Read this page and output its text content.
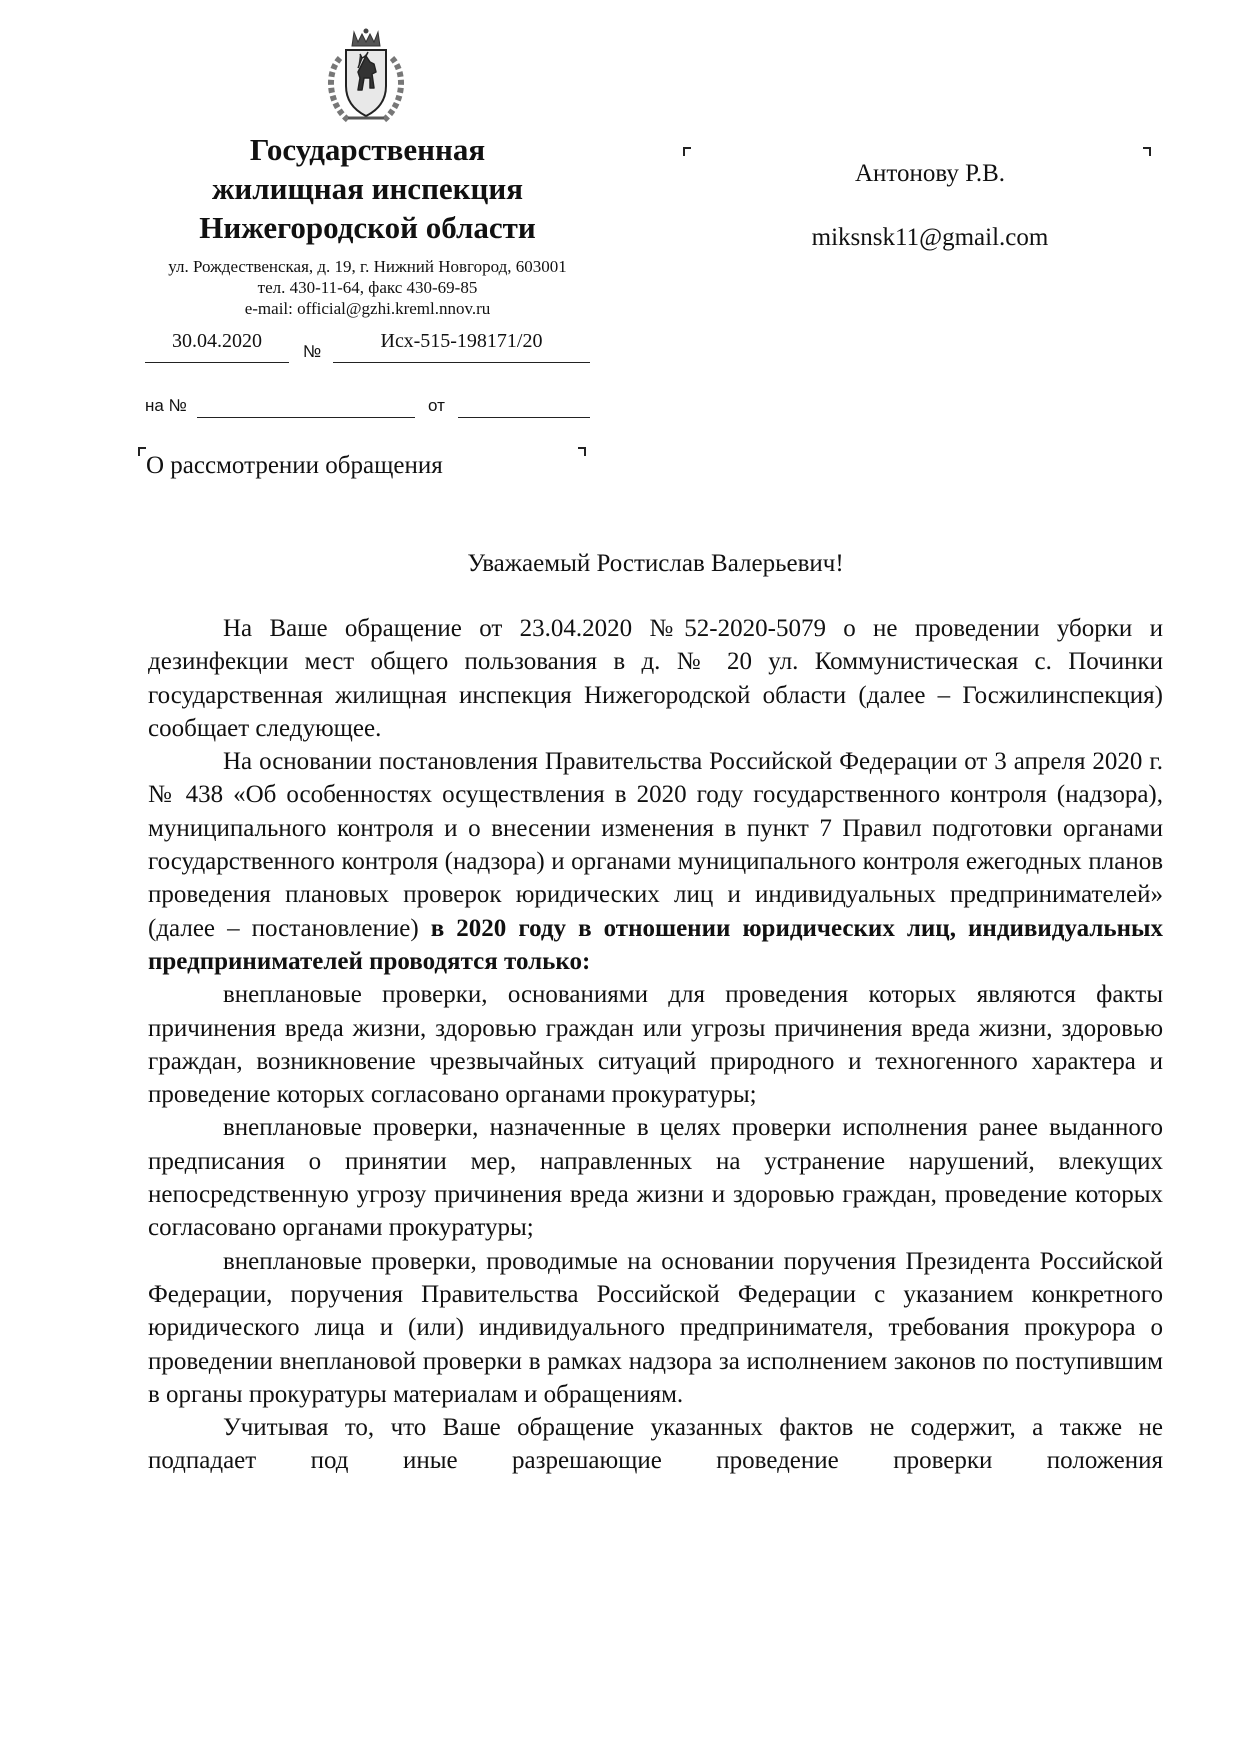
Государственная
жилищная инспекция
Нижегородской области
ул. Рождественская, д. 19, г. Нижний Новгород, 603001
тел. 430-11-64, факс 430-69-85
e-mail: official@gzhi.kreml.nnov.ru
30.04.2020	№	Исх-515-198171/20
на №	от
О рассмотрении обращения
Антонову Р.В.
miksnsk11@gmail.com
Уважаемый Ростислав Валерьевич!

На Ваше обращение от 23.04.2020 №52-2020-5079 о не проведении уборки и дезинфекции мест общего пользования в д. № 20 ул. Коммунистическая с. Починки государственная жилищная инспекция Нижегородской области (далее – Госжилинспекция) сообщает следующее.

На основании постановления Правительства Российской Федерации от 3 апреля 2020 г. № 438 «Об особенностях осуществления в 2020 году государственного контроля (надзора), муниципального контроля и о внесении изменения в пункт 7 Правил подготовки органами государственного контроля (надзора) и органами муниципального контроля ежегодных планов проведения плановых проверок юридических лиц и индивидуальных предпринимателей» (далее – постановление) в 2020 году в отношении юридических лиц, индивидуальных предпринимателей проводятся только:

внеплановые проверки, основаниями для проведения которых являются факты причинения вреда жизни, здоровью граждан или угрозы причинения вреда жизни, здоровью граждан, возникновение чрезвычайных ситуаций природного и техногенного характера и проведение которых согласовано органами прокуратуры;

внеплановые проверки, назначенные в целях проверки исполнения ранее выданного предписания о принятии мер, направленных на устранение нарушений, влекущих непосредственную угрозу причинения вреда жизни и здоровью граждан, проведение которых согласовано органами прокуратуры;

внеплановые проверки, проводимые на основании поручения Президента Российской Федерации, поручения Правительства Российской Федерации с указанием конкретного юридического лица и (или) индивидуального предпринимателя, требования прокурора о проведении внеплановой проверки в рамках надзора за исполнением законов по поступившим в органы прокуратуры материалам и обращениям.

Учитывая то, что Ваше обращение указанных фактов не содержит, а также не подпадает под иные разрешающие проведение проверки положения
